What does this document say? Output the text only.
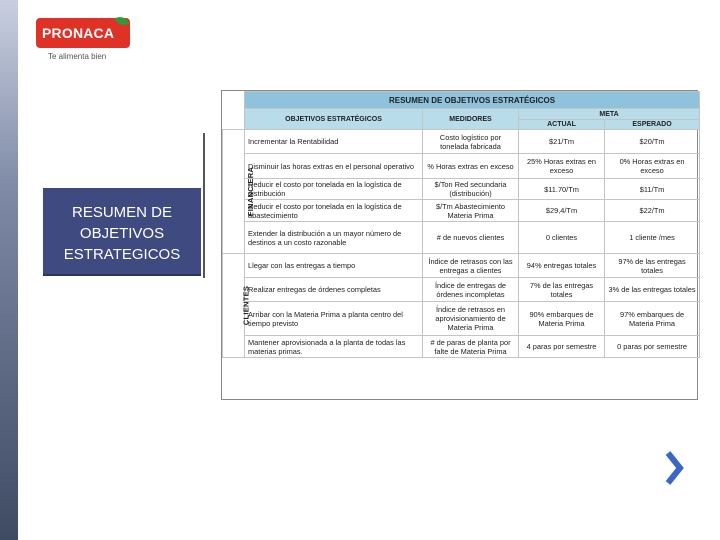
PRONACA
Te alimenta bien
RESUMEN DE OBJETIVOS ESTRATEGICOS
	RESUMEN DE OBJETIVOS ESTRATÉGICOS			
	OBJETIVOS ESTRATÉGICOS	MEDIDORES	META	
			ACTUAL	ESPERADO
FINANCIERA	Incrementar la Rentabilidad	Costo logístico por tonelada fabricada	$21/Tm	$20/Tm
	Disminuir las horas extras en el personal operativo	% Horas extras en exceso	25% Horas extras en exceso	0% Horas extras en exceso
	Reducir el costo por tonelada en la logística de distribución	$/Ton Red secundaria (distribución)	$11.70/Tm	$11/Tm
	Reducir el costo por tonelada en la logística de abastecimiento	$/Tm Abastecimiento Materia Prima	$29,4/Tm	$22/Tm
	Extender la distribución a un mayor número de destinos a un costo razonable	# de nuevos clientes	0 clientes	1 cliente /mes
CLIENTES	Llegar con las entregas a tiempo	Índice de retrasos con las entregas a clientes	94% entregas totales	97% de las entregas totales
	Realizar entregas de órdenes completas	Índice de entregas de órdenes incompletas	7% de las entregas totales	3% de las entregas totales
	Arribar con la Materia Prima a planta centro del tiempo previsto	Índice de retrasos en aprovisionamiento de Materia Prima	90% embarques de Materia Prima	97% embarques de Materia Prima
	Mantener aprovisionada a la planta de todas las materias primas.	# de paras de planta por falte de Materia Prima	4 paras por semestre	0 paras por semestre
